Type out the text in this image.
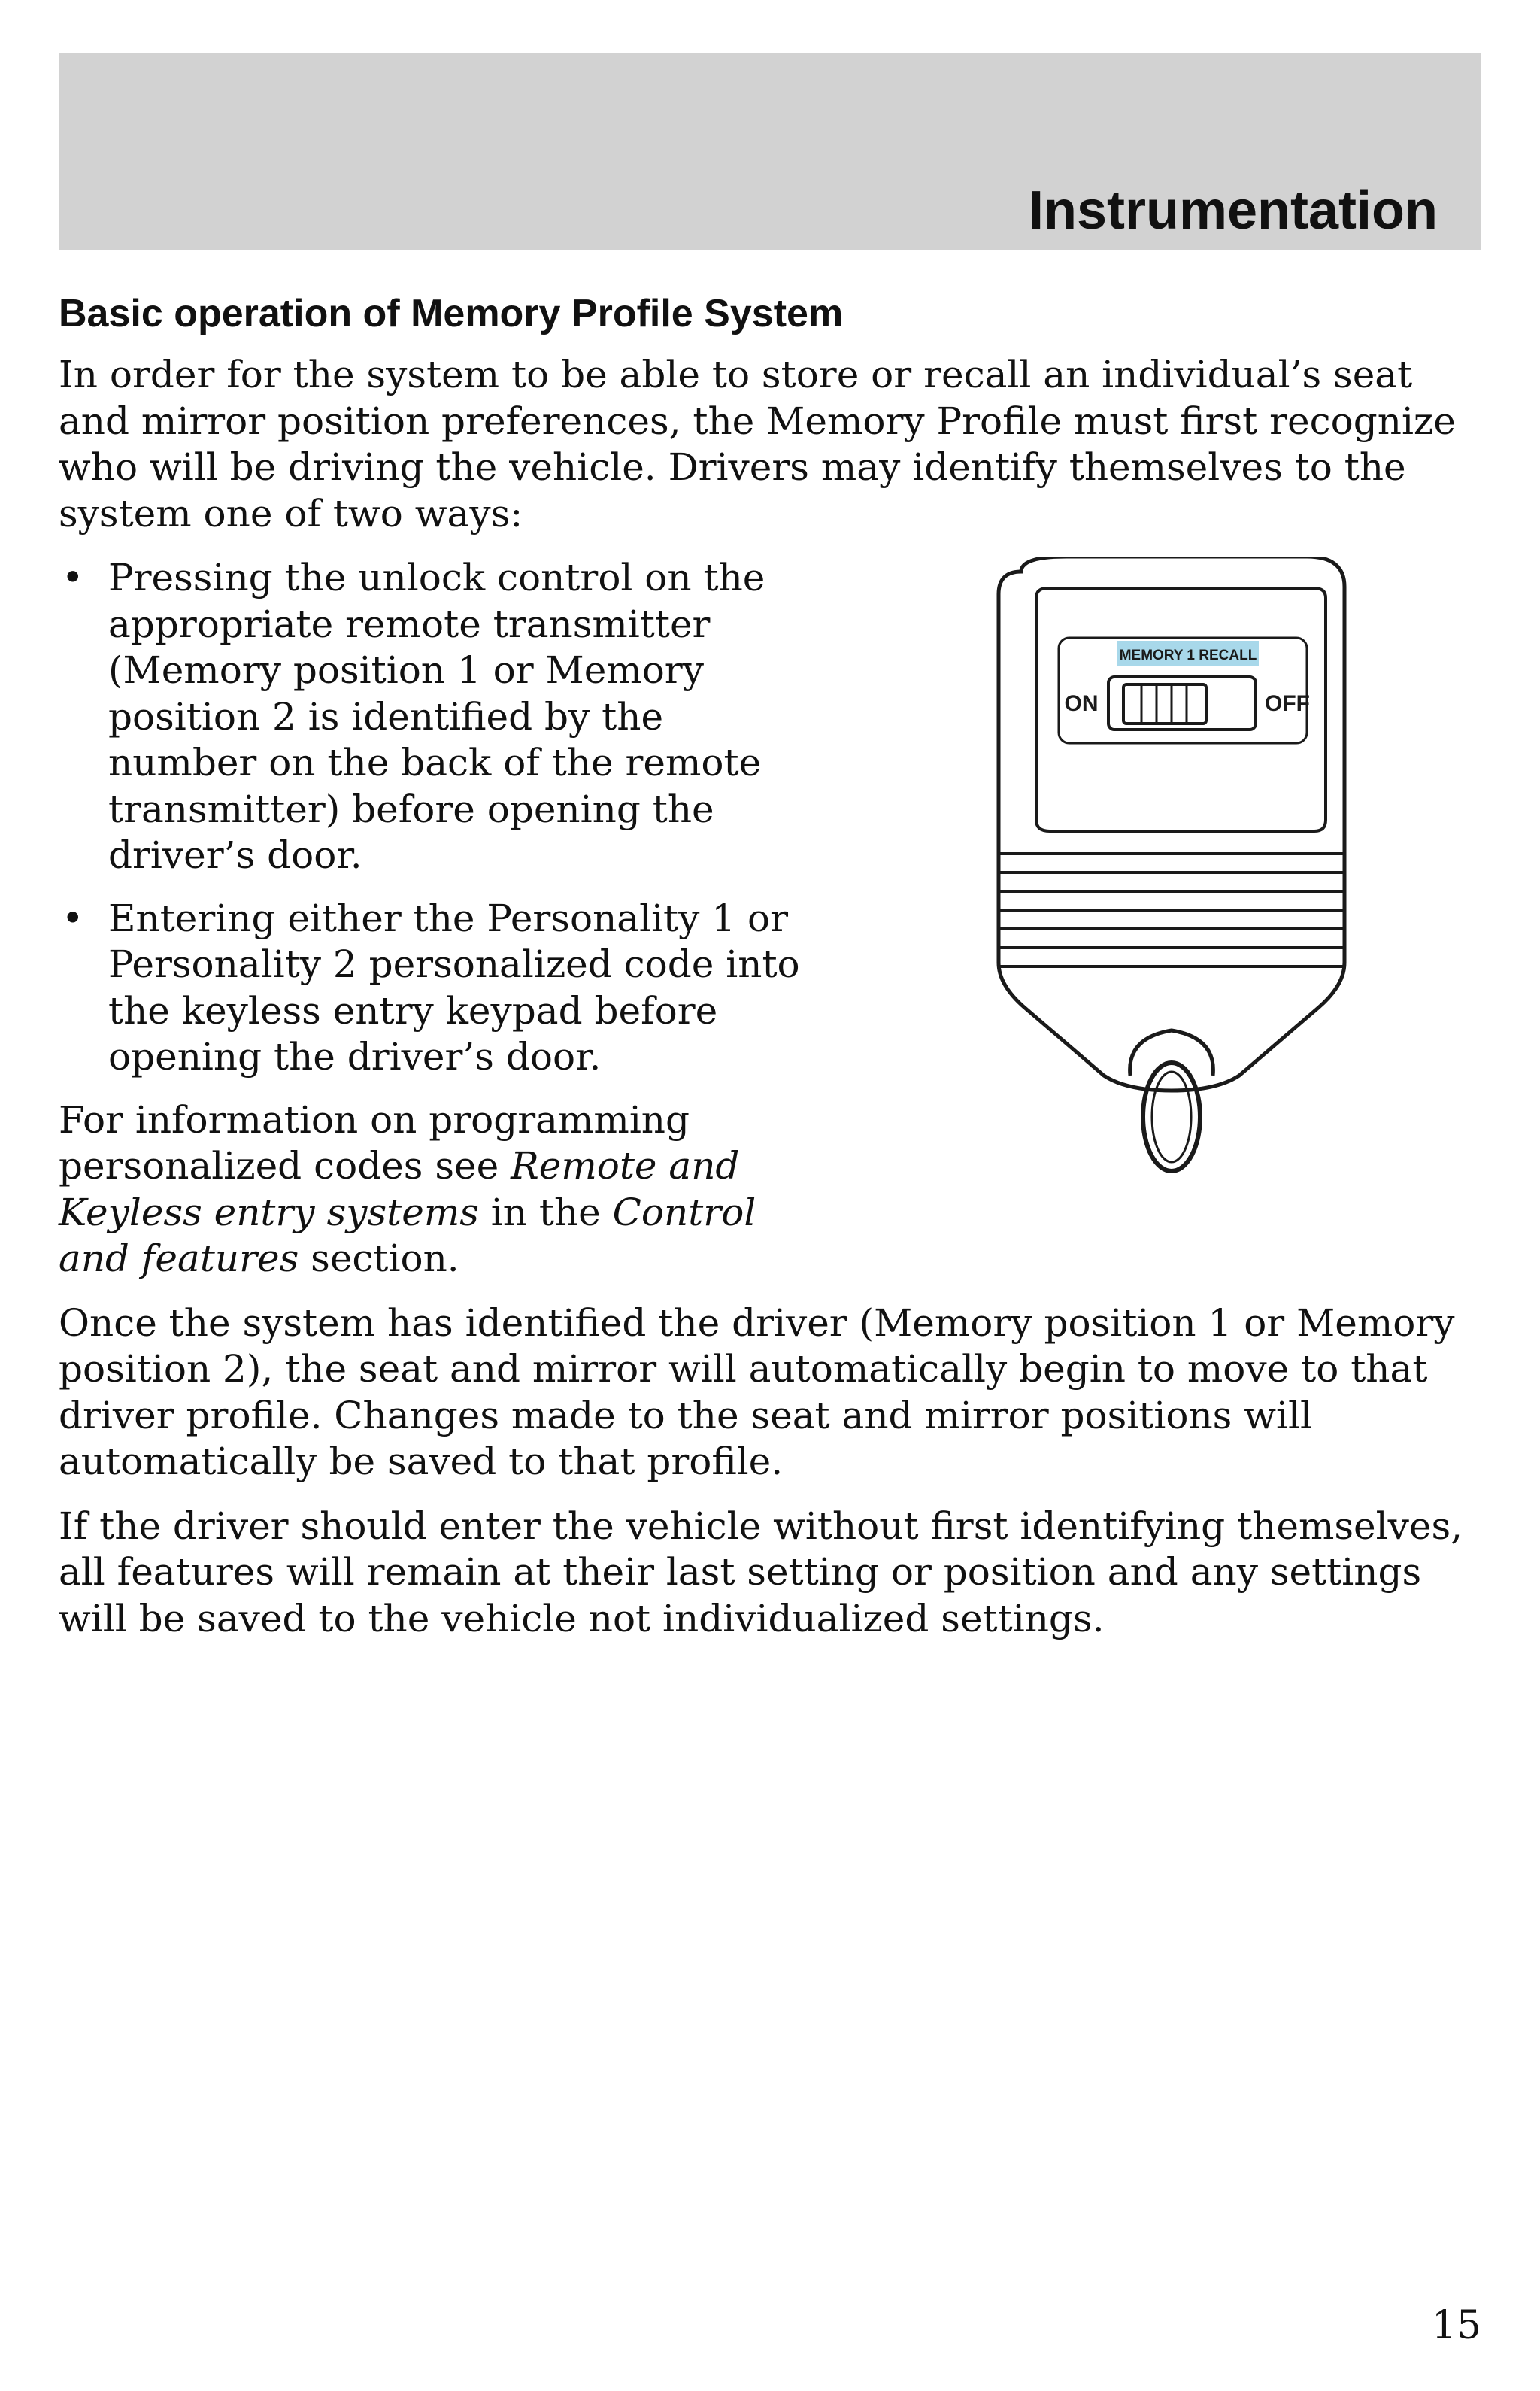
Instrumentation
Basic operation of Memory Profile System

In order for the system to be able to store or recall an individual’s seat and mirror position preferences, the Memory Profile must first recognize who will be driving the vehicle. Drivers may identify themselves to the system one of two ways:

• Pressing the unlock control on the appropriate remote transmitter (Memory position 1 or Memory position 2 is identified by the number on the back of the remote transmitter) before opening the driver’s door.
• Entering either the Personality 1 or Personality 2 personalized code into the keyless entry keypad before opening the driver’s door.

For information on programming personalized codes see Remote and Keyless entry systems in the Control and features section.

MEMORY 1 RECALL
ON	OFF

Once the system has identified the driver (Memory position 1 or Memory position 2), the seat and mirror will automatically begin to move to that driver profile. Changes made to the seat and mirror positions will automatically be saved to that profile.

If the driver should enter the vehicle without first identifying themselves, all features will remain at their last setting or position and any settings will be saved to the vehicle not individualized settings.

15
